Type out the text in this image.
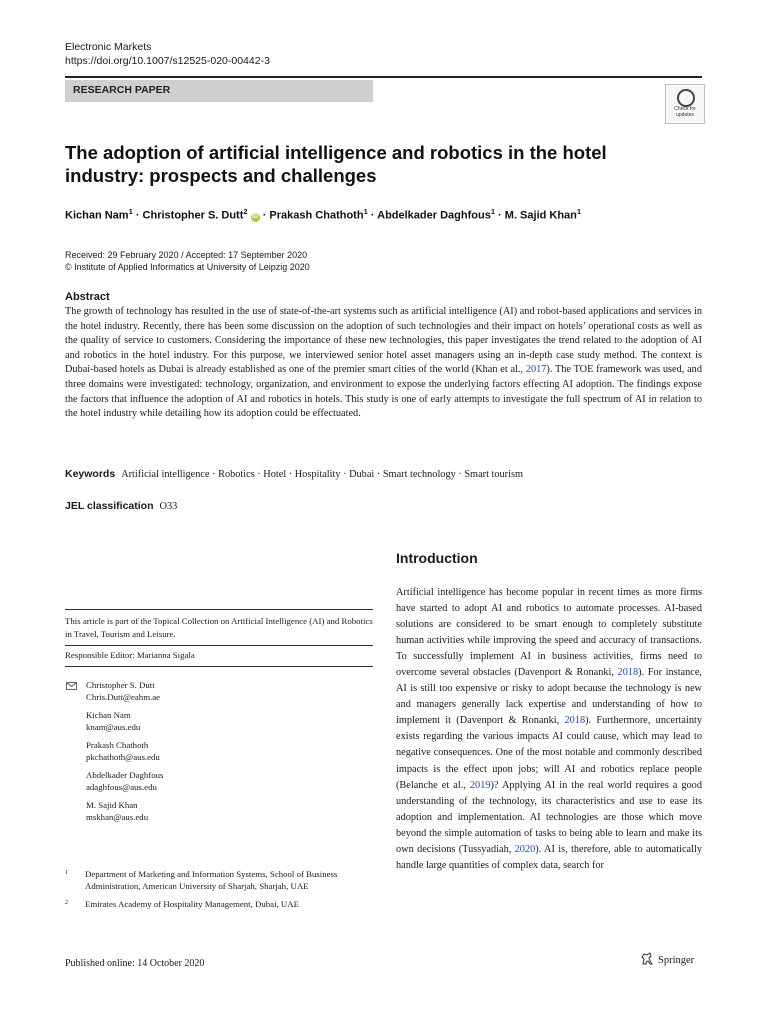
Electronic Markets
https://doi.org/10.1007/s12525-020-00442-3
RESEARCH PAPER
Check for updates
The adoption of artificial intelligence and robotics in the hotel industry: prospects and challenges
Kichan Nam$^1$ · Christopher S. Dutt$^2$ iD · Prakash Chathoth$^1$ · Abdelkader Daghfous$^1$ · M. Sajid Khan$^1$
Received: 29 February 2020 / Accepted: 17 September 2020
© Institute of Applied Informatics at University of Leipzig 2020
Abstract
The growth of technology has resulted in the use of state-of-the-art systems such as artificial intelligence (AI) and robot-based applications and services in the hotel industry. Recently, there has been some discussion on the adoption of such technologies and their impact on hotels’ operational costs as well as the quality of service to customers. Considering the importance of these new technologies, this paper investigates the trend related to the adoption of AI and robotics in the hotel industry. For this purpose, we interviewed senior hotel asset managers using an in-depth case study method. The context is Dubai-based hotels as Dubai is already established as one of the premier smart cities of the world (Khan et al., 2017). The TOE framework was used, and three domains were investigated: technology, organization, and environment to expose the underlying factors effecting AI adoption. The findings expose the factors that influence the adoption of AI and robotics in hotels. This study is one of early attempts to investigate the full spectrum of AI in relation to the hotel industry while detailing how its adoption could be effectuated.
Keywords Artificial intelligence · Robotics · Hotel · Hospitality · Dubai · Smart technology · Smart tourism
JEL classification O33
Introduction
Artificial intelligence has become popular in recent times as more firms have started to adopt AI and robotics to automate processes. AI-based solutions are considered to be smart enough to completely substitute human activities while improving the speed and accuracy of transactions. To successfully implement AI in business activities, firms need to overcome several obstacles (Davenport & Ronanki, 2018). For instance, AI is still too expensive or risky to adopt because the technology is new and managers generally lack expertise and understanding of how to implement it (Davenport & Ronanki, 2018). Furthermore, uncertainty exists regarding the various impacts AI could cause, which may lead to negative consequences. One of the most notable and commonly described impacts is the effect upon jobs; will AI and robotics replace people (Belanche et al., 2019)? Applying AI in the real world requires a good understanding of the technology, its characteristics and use to ease its adoption and implementation. AI technologies are those which move beyond the simple automation of tasks to being able to learn and make its own decisions (Tussyadiah, 2020). AI is, therefore, able to automatically handle large quantities of complex data, search for
This article is part of the Topical Collection on Artificial Intelligence (AI) and Robotics in Travel, Tourism and Leisure.
Responsible Editor: Marianna Sigala
Christopher S. Dutt
Chris.Dutt@eahm.ae
Kichan Nam
knam@aus.edu
Prakash Chathoth
pkchathoth@aus.edu
Abdelkader Daghfous
adaghfous@aus.edu
M. Sajid Khan
mskhan@aus.edu
1 Department of Marketing and Information Systems, School of Business Administration, American University of Sharjah, Sharjah, UAE
2 Emirates Academy of Hospitality Management, Dubai, UAE
Published online: 14 October 2020	Springer
